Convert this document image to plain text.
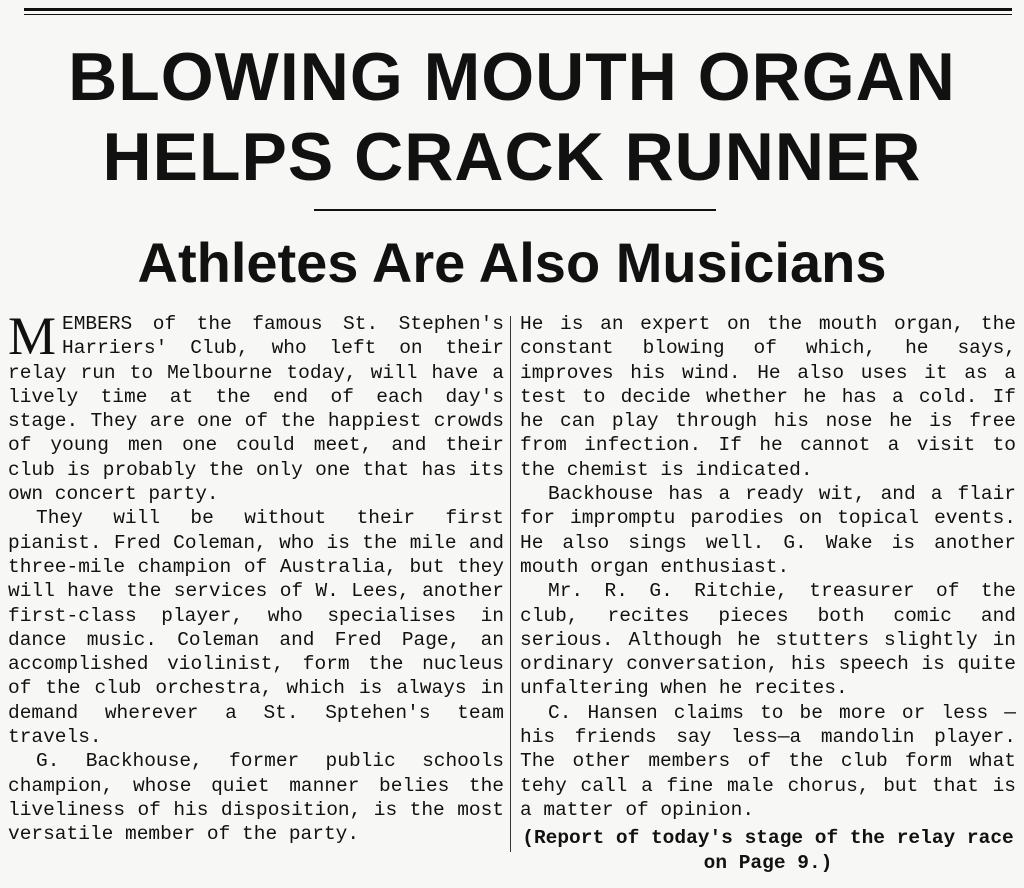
BLOWING MOUTH ORGAN
HELPS CRACK RUNNER
Athletes Are Also Musicians

MEMBERS of the famous St. Stephen's Harriers' Club, who left on their relay run to Melbourne today, will have a lively time at the end of each day's stage. They are one of the happiest crowds of young men one could meet, and their club is probably the only one that has its own concert party.

They will be without their first pianist. Fred Coleman, who is the mile and three-mile champion of Australia, but they will have the services of W. Lees, another first-class player, who specialises in dance music. Coleman and Fred Page, an accomplished violinist, form the nucleus of the club orchestra, which is always in demand wherever a St. Sptehen's team travels.

G. Backhouse, former public schools champion, whose quiet manner belies the liveliness of his disposition, is the most versatile member of the party.

He is an expert on the mouth organ, the constant blowing of which, he says, improves his wind. He also uses it as a test to decide whether he has a cold. If he can play through his nose he is free from infection. If he cannot a visit to the chemist is indicated.

Backhouse has a ready wit, and a flair for impromptu parodies on topical events. He also sings well. G. Wake is another mouth organ enthusiast.

Mr. R. G. Ritchie, treasurer of the club, recites pieces both comic and serious. Although he stutters slightly in ordinary conversation, his speech is quite unfaltering when he recites.

C. Hansen claims to be more or less —his friends say less—a mandolin player. The other members of the club form what tehy call a fine male chorus, but that is a matter of opinion.

(Report of today's stage of the relay race on Page 9.)
